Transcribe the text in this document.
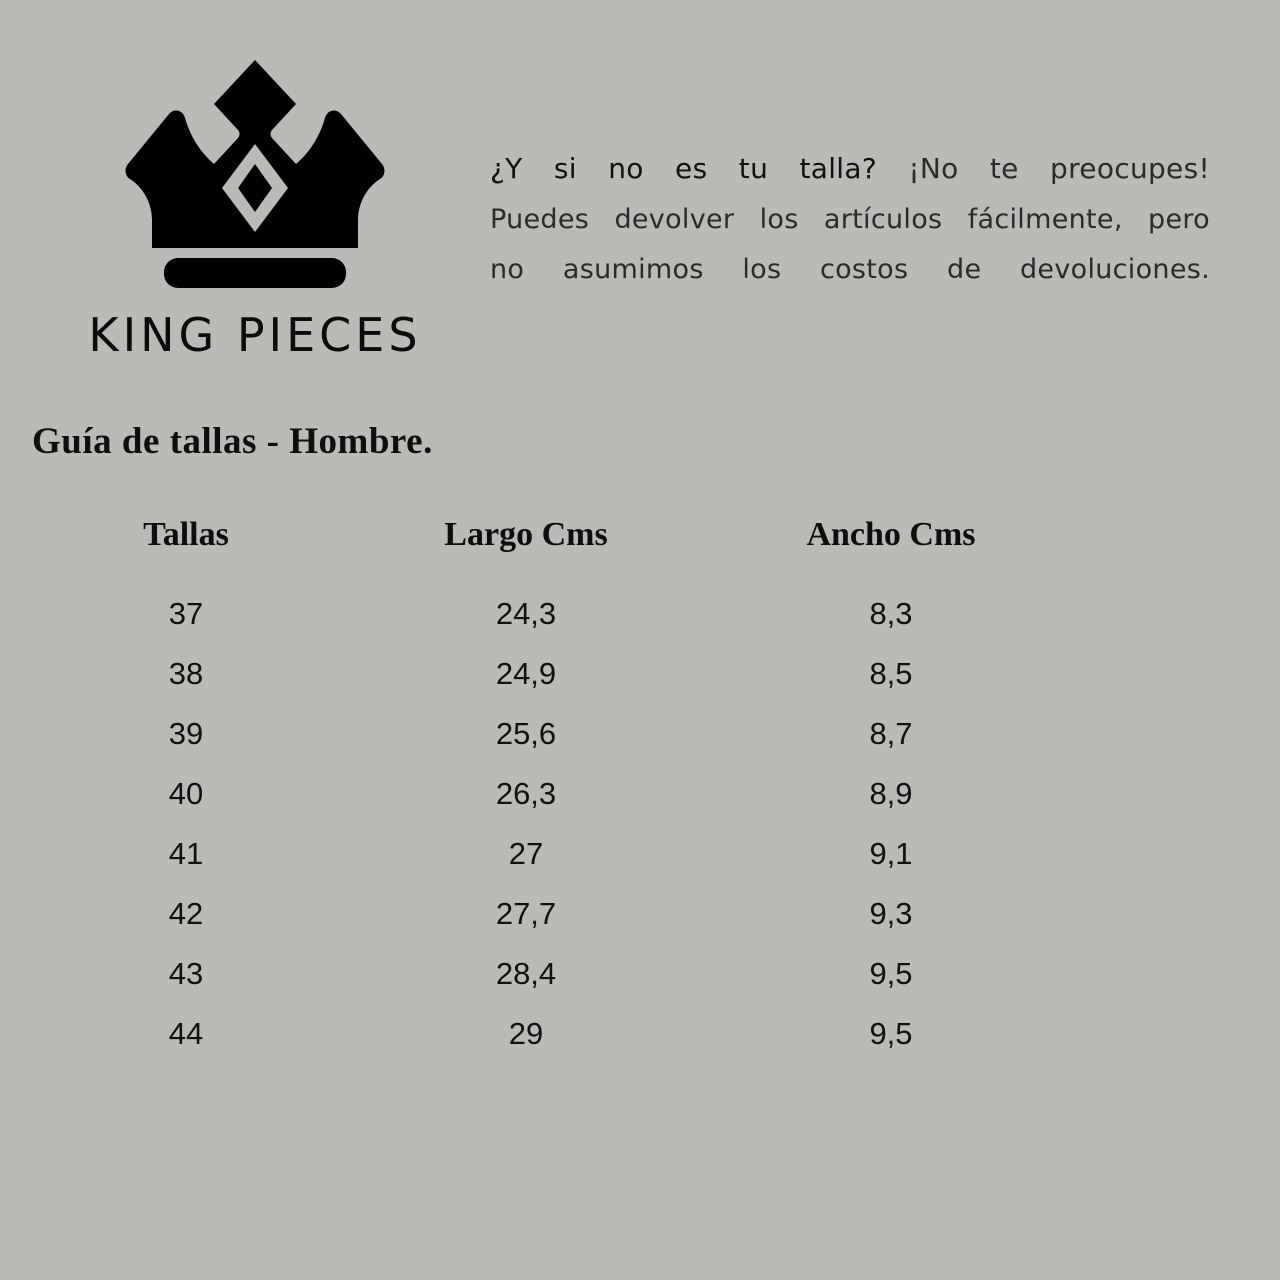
KING PIECES

¿Y si no es tu talla? ¡No te preocupes!

Puedes devolver los artículos fácilmente, pero

no asumimos los costos de devoluciones.

Guía de tallas - Hombre.
Tallas	Largo Cms	Ancho Cms
37	24,3	8,3
38	24,9	8,5
39	25,6	8,7
40	26,3	8,9
41	27	9,1
42	27,7	9,3
43	28,4	9,5
44	29	9,5
